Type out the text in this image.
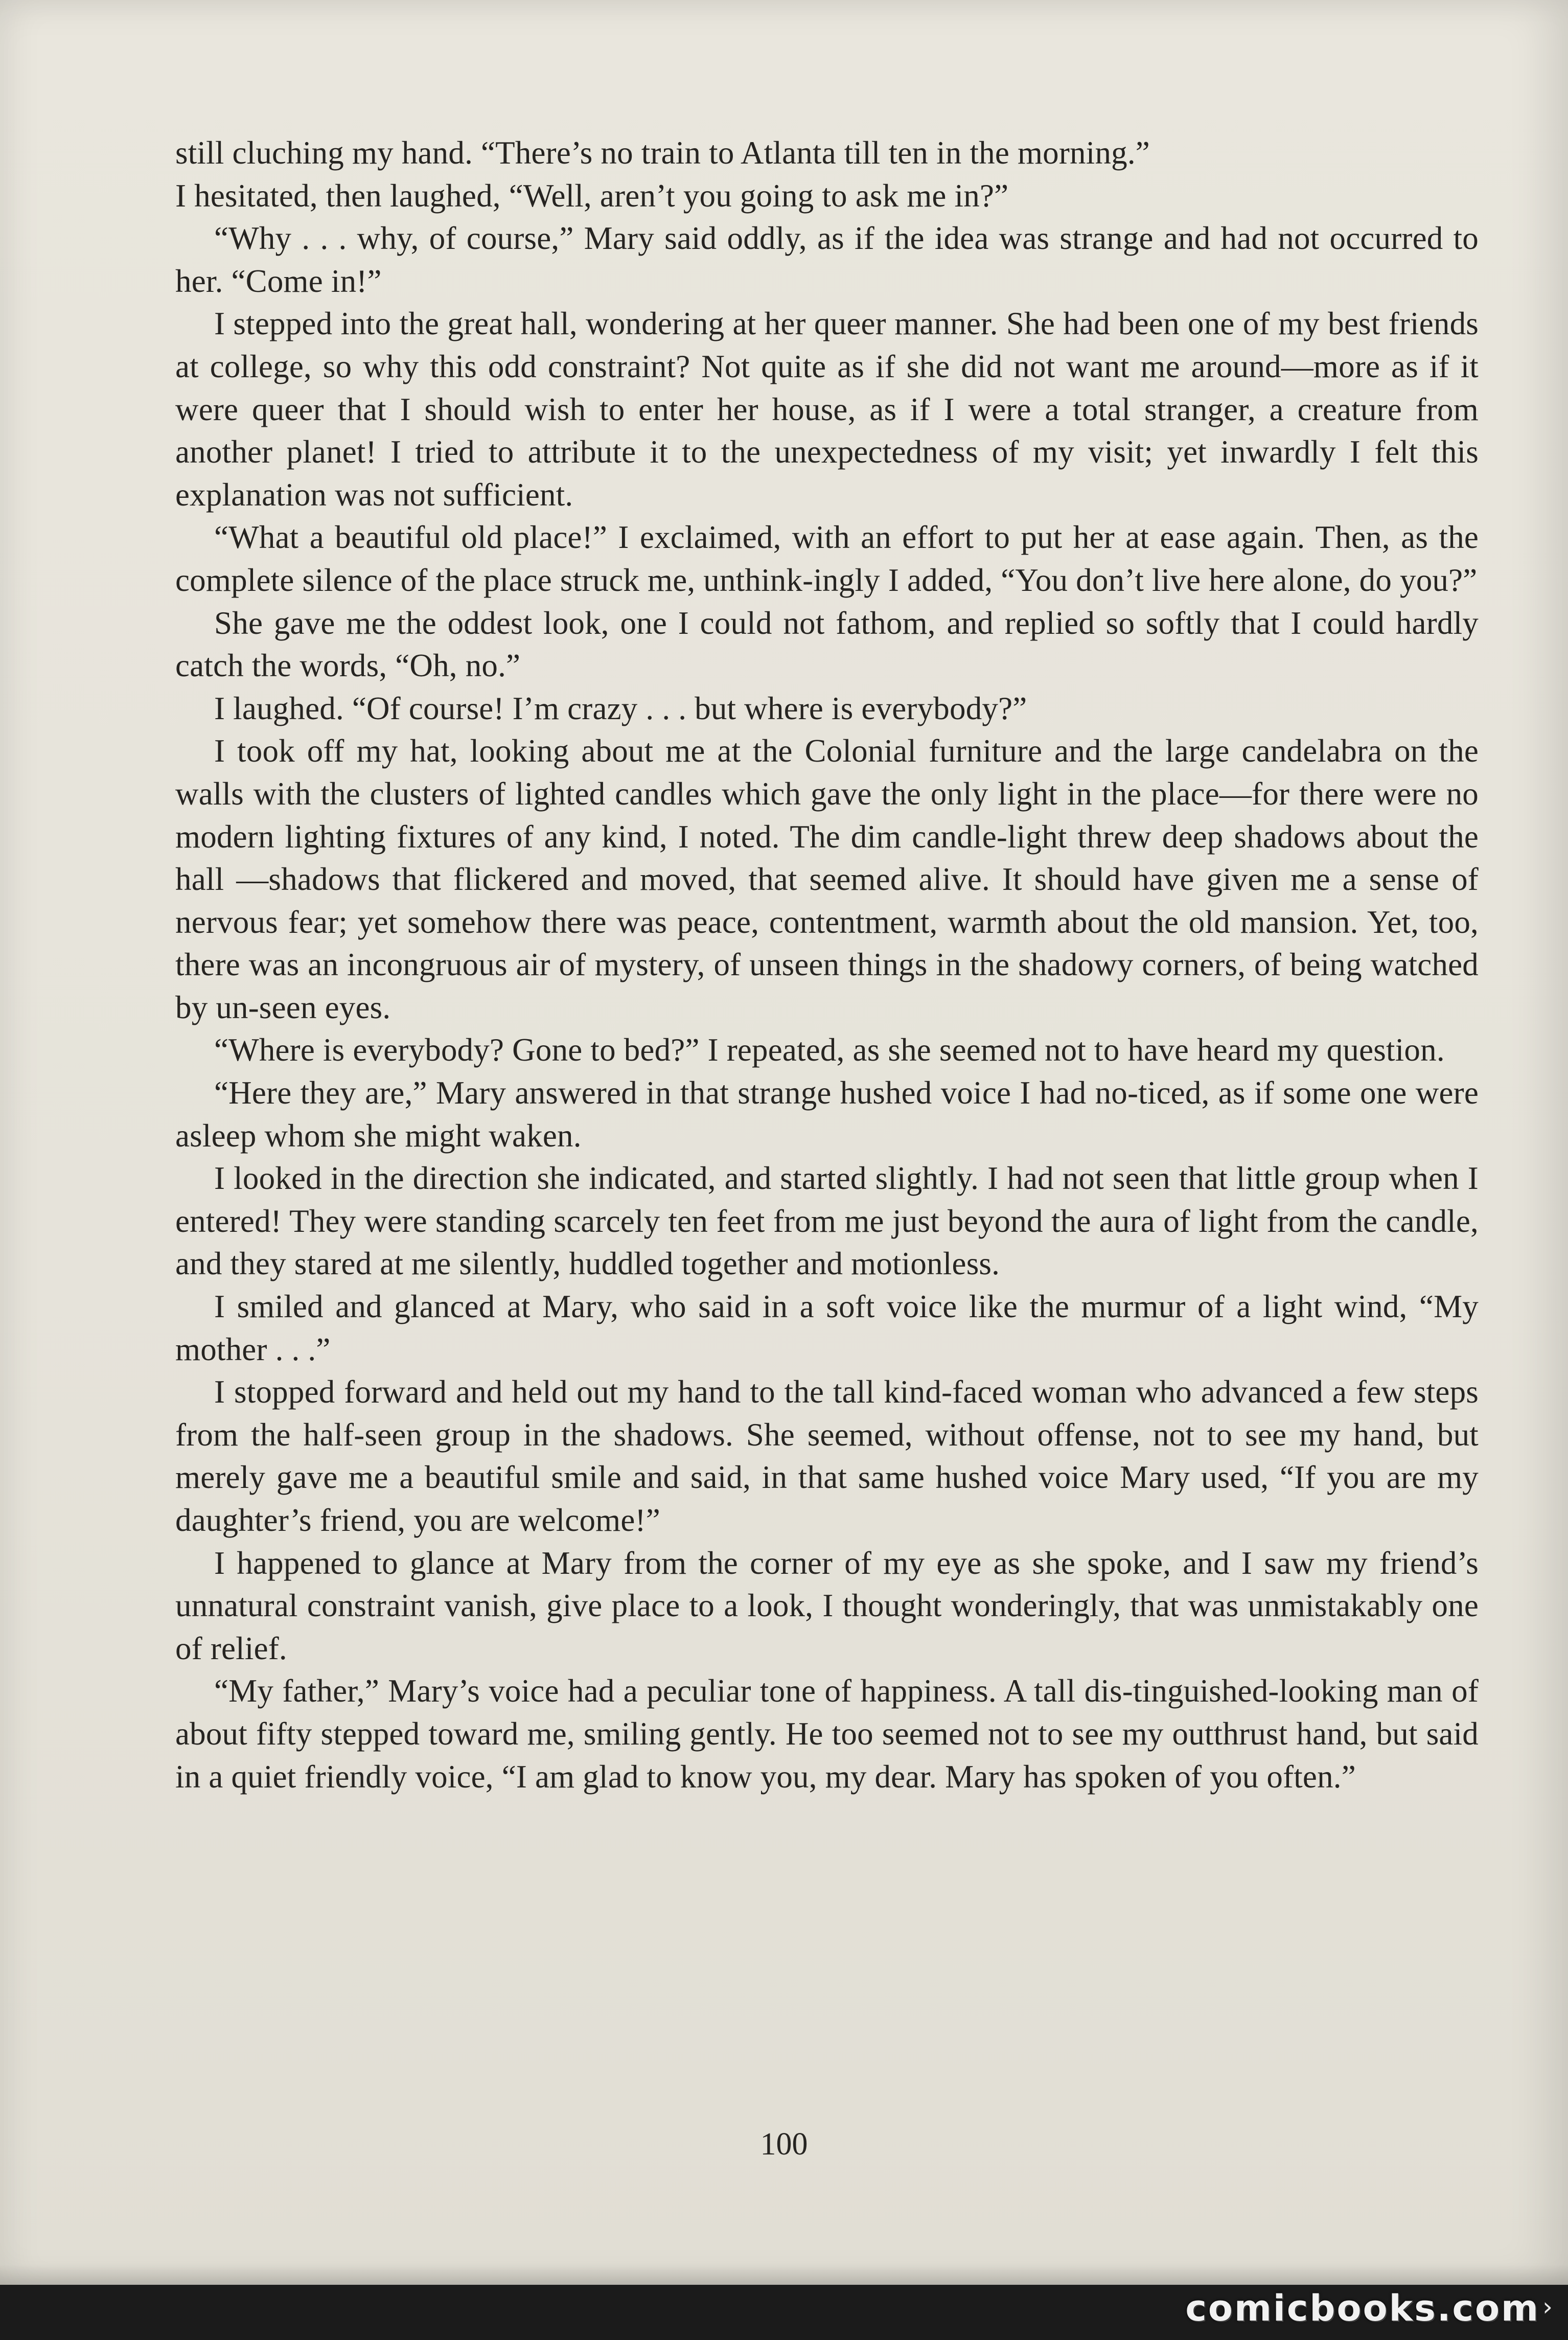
still cluching my hand. “There’s no train to Atlanta till ten in the morning.”

I hesitated, then laughed, “Well, aren’t you going to ask me in?”

“Why . . . why, of course,” Mary said oddly, as if the idea was strange and had not occurred to her. “Come in!”

I stepped into the great hall, wondering at her queer manner. She had been one of my best friends at college, so why this odd constraint? Not quite as if she did not want me around—more as if it were queer that I should wish to enter her house, as if I were a total stranger, a creature from another planet! I tried to attribute it to the unexpectedness of my visit; yet inwardly I felt this explanation was not sufficient.

“What a beautiful old place!” I exclaimed, with an effort to put her at ease again. Then, as the complete silence of the place struck me, unthink-ingly I added, “You don’t live here alone, do you?”

She gave me the oddest look, one I could not fathom, and replied so softly that I could hardly catch the words, “Oh, no.”

I laughed. “Of course! I’m crazy . . . but where is everybody?”

I took off my hat, looking about me at the Colonial furniture and the large candelabra on the walls with the clusters of lighted candles which gave the only light in the place—for there were no modern lighting fixtures of any kind, I noted. The dim candle-light threw deep shadows about the hall —shadows that flickered and moved, that seemed alive. It should have given me a sense of nervous fear; yet somehow there was peace, contentment, warmth about the old mansion. Yet, too, there was an incongruous air of mystery, of unseen things in the shadowy corners, of being watched by un-seen eyes.

“Where is everybody? Gone to bed?” I repeated, as she seemed not to have heard my question.

“Here they are,” Mary answered in that strange hushed voice I had no-ticed, as if some one were asleep whom she might waken.

I looked in the direction she indicated, and started slightly. I had not seen that little group when I entered! They were standing scarcely ten feet from me just beyond the aura of light from the candle, and they stared at me silently, huddled together and motionless.

I smiled and glanced at Mary, who said in a soft voice like the murmur of a light wind, “My mother . . .”

I stopped forward and held out my hand to the tall kind-faced woman who advanced a few steps from the half-seen group in the shadows. She seemed, without offense, not to see my hand, but merely gave me a beautiful smile and said, in that same hushed voice Mary used, “If you are my daughter’s friend, you are welcome!”

I happened to glance at Mary from the corner of my eye as she spoke, and I saw my friend’s unnatural constraint vanish, give place to a look, I thought wonderingly, that was unmistakably one of relief.

“My father,” Mary’s voice had a peculiar tone of happiness. A tall dis-tinguished-looking man of about fifty stepped toward me, smiling gently. He too seemed not to see my outthrust hand, but said in a quiet friendly voice, “I am glad to know you, my dear. Mary has spoken of you often.”

100
comicbooks.com ›
